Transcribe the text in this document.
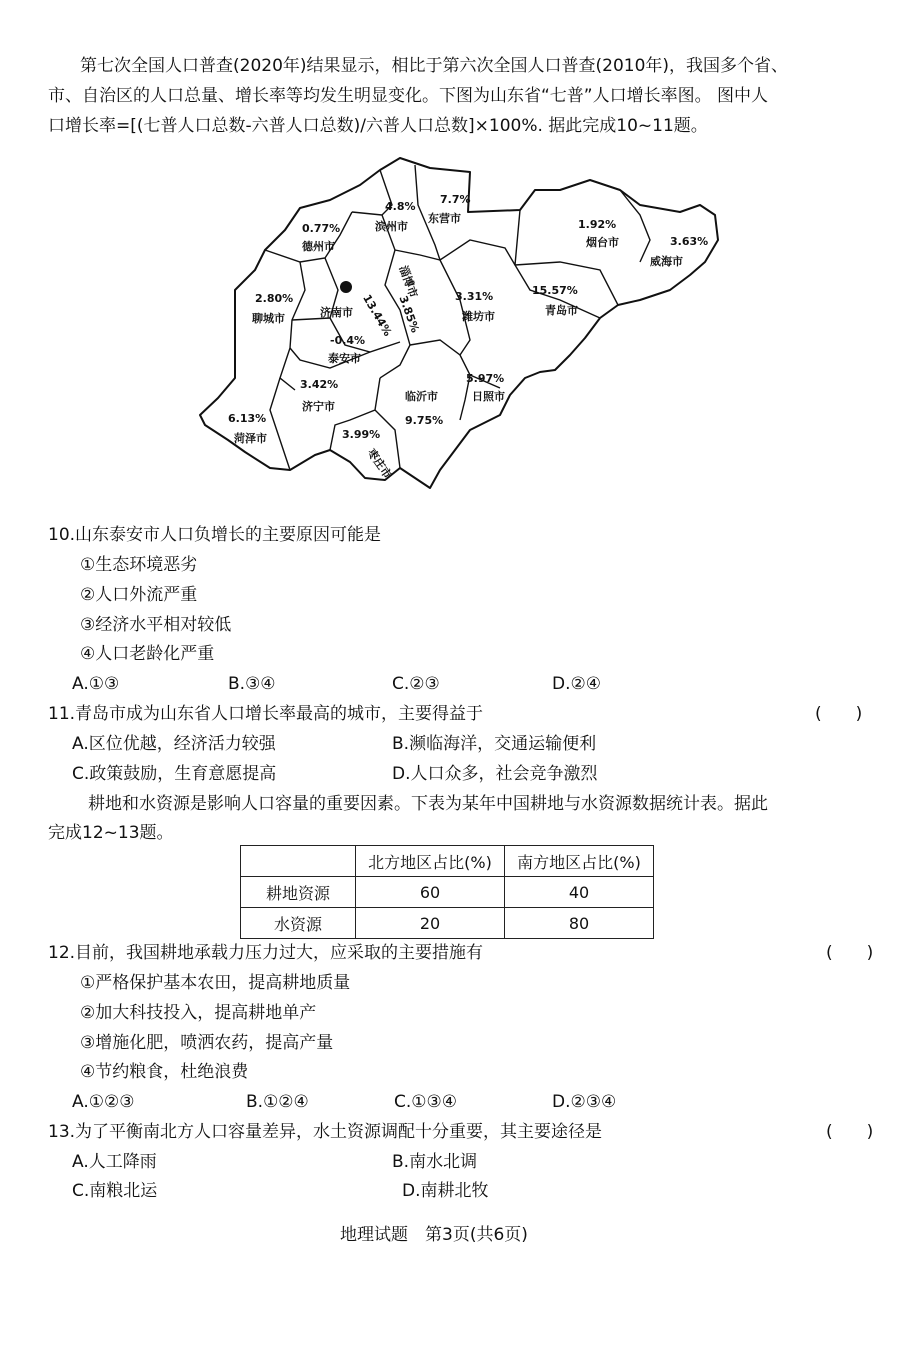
第七次全国人口普查(2020年)结果显示，相比于第六次全国人口普查(2010年)，我国多个省、
市、自治区的人口总量、增长率等均发生明显变化。下图为山东省“七普”人口增长率图。 图中人
口增长率=[(七普人口总数-六普人口总数)/六普人口总数]×100%. 据此完成10~11题。
0.77%
德州市
4.8%
滨州市
7.7%
东营市	1.92%
烟台市	3.63%
威海市
2.80%
聊城市	济南市 13.44%
淄博市
3.85%	3.31%
潍坊市
15.57%
青岛市
-0.4%
泰安市
3.42%
济宁市
临沂市
9.75%
5.97%
日照市
6.13%
菏泽市	3.99%
枣庄市
10.山东泰安市人口负增长的主要原因可能是
①生态环境恶劣
②人口外流严重
③经济水平相对较低
④人口老龄化严重
A.①③	B.③④	C.②③	D.②④
11.青岛市成为山东省人口增长率最高的城市，主要得益于	(　　)
A.区位优越，经济活力较强	B.濒临海洋，交通运输便利
C.政策鼓励，生育意愿提高	D.人口众多，社会竞争激烈
耕地和水资源是影响人口容量的重要因素。下表为某年中国耕地与水资源数据统计表。据此
完成12~13题。
	北方地区占比(%)	南方地区占比(%)
耕地资源	60	40
水资源	20	80
12.目前，我国耕地承载力压力过大，应采取的主要措施有	(　　)
①严格保护基本农田，提高耕地质量
②加大科技投入，提高耕地单产
③增施化肥，喷洒农药，提高产量
④节约粮食，杜绝浪费
A.①②③	B.①②④	C.①③④	D.②③④
13.为了平衡南北方人口容量差异，水土资源调配十分重要，其主要途径是	(　　)
A.人工降雨	B.南水北调
C.南粮北运	D.南耕北牧
地理试题　第3页(共6页)
